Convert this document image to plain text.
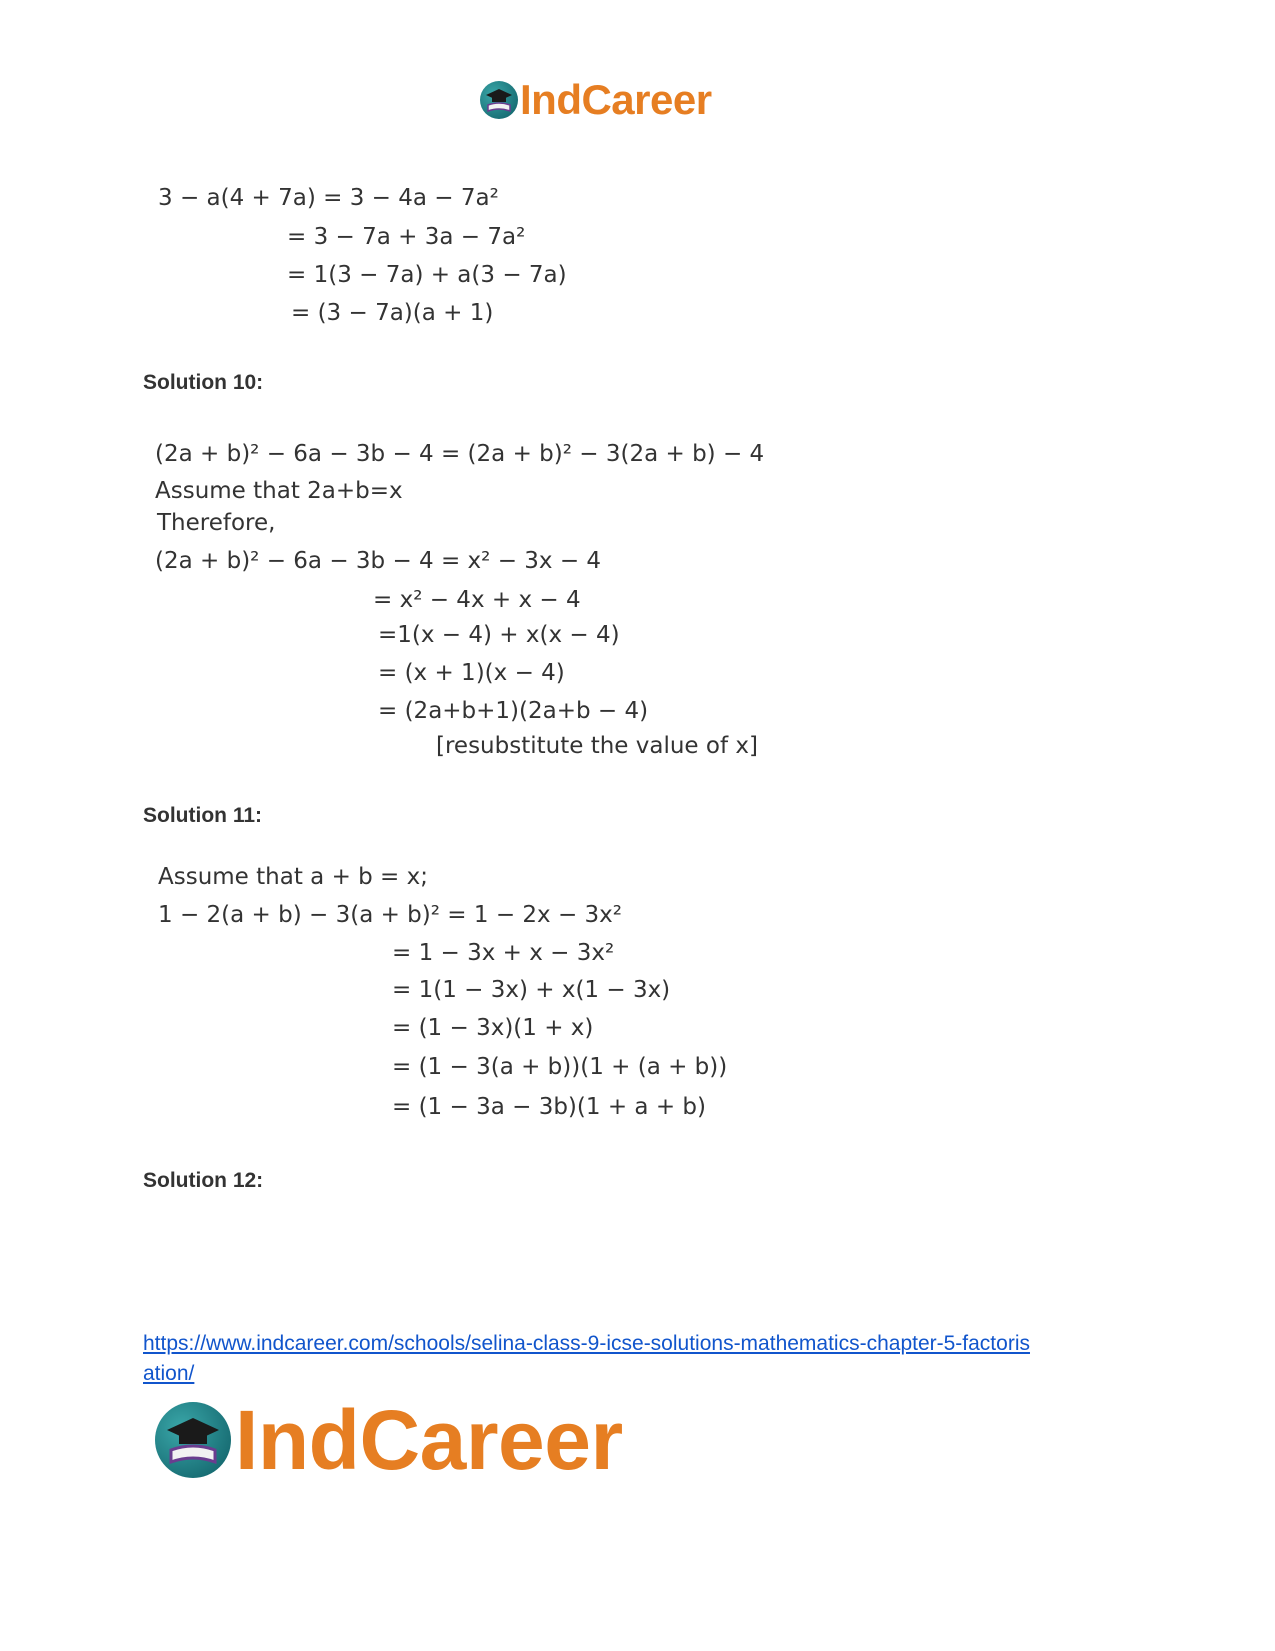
IndCareer
3 − a(4 + 7a) = 3 − 4a − 7a²
= 3 − 7a + 3a − 7a²
= 1(3 − 7a) + a(3 − 7a)
= (3 − 7a)(a + 1)
Solution 10:
(2a + b)² − 6a − 3b − 4 = (2a + b)² − 3(2a + b) − 4
Assume that 2a+b=x
Therefore,
(2a + b)² − 6a − 3b − 4 = x² − 3x − 4
= x² − 4x + x − 4
=1(x − 4) + x(x − 4)
= (x + 1)(x − 4)
= (2a+b+1)(2a+b − 4)
[resubstitute the value of x]
Solution 11:
Assume that a + b = x;
1 − 2(a + b) − 3(a + b)² = 1 − 2x − 3x²
= 1 − 3x + x − 3x²
= 1(1 − 3x) + x(1 − 3x)
= (1 − 3x)(1 + x)
= (1 − 3(a + b))(1 + (a + b))
= (1 − 3a − 3b)(1 + a + b)
Solution 12:
https://www.indcareer.com/schools/selina-class-9-icse-solutions-mathematics-chapter-5-factoris
ation/
IndCareer
